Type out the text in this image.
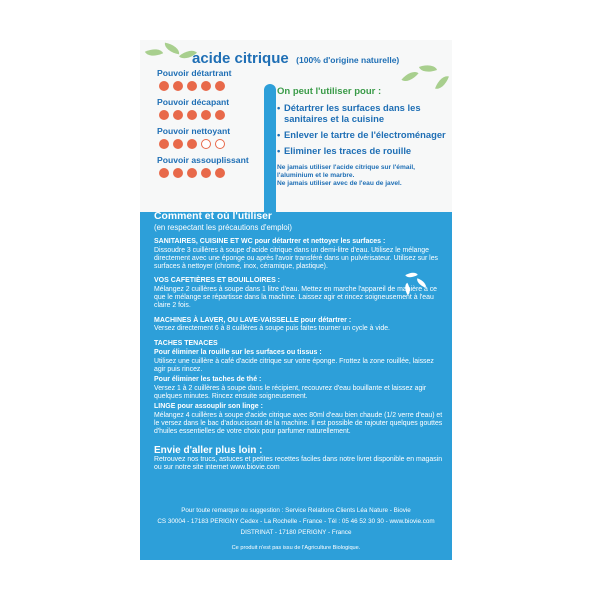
acide citrique (100% d'origine naturelle)
Pouvoir détartrant
Pouvoir décapant
Pouvoir nettoyant
Pouvoir assouplissant
On peut l'utiliser pour :
• Détartrer les surfaces dans les sanitaires et la cuisine
• Enlever le tartre de l'électroménager
• Eliminer les traces de rouille
Ne jamais utiliser l'acide citrique sur l'émail, l'aluminium et le marbre.
Ne jamais utiliser avec de l'eau de javel.
Comment et où l'utiliser
(en respectant les précautions d'emploi)
SANITAIRES, CUISINE ET WC pour détartrer et nettoyer les surfaces :
Dissoudre 3 cuillères à soupe d'acide citrique dans un demi-litre d'eau. Utilisez le mélange directement avec une éponge ou après l'avoir transféré dans un pulvérisateur. Utilisez sur les surfaces à nettoyer (chrome, inox, céramique, plastique).
VOS CAFETIÈRES ET BOUILLOIRES :
Mélangez 2 cuillères à soupe dans 1 litre d'eau. Mettez en marche l'appareil de manière à ce que le mélange se répartisse dans la machine. Laissez agir et rincez soigneusement à l'eau claire 2 fois.
MACHINES À LAVER, OU LAVE-VAISSELLE pour détartrer :
Versez directement 6 à 8 cuillères à soupe puis faites tourner un cycle à vide.
TACHES TENACES
Pour éliminer la rouille sur les surfaces ou tissus :
Utilisez une cuillère à café d'acide citrique sur votre éponge. Frottez la zone rouillée, laissez agir puis rincez.
Pour éliminer les taches de thé :
Versez 1 à 2 cuillères à soupe dans le récipient, recouvrez d'eau bouillante et laissez agir quelques minutes. Rincez ensuite soigneusement.
LINGE pour assouplir son linge :
Mélangez 4 cuillères à soupe d'acide citrique avec 80ml d'eau bien chaude (1/2 verre d'eau) et le versez dans le bac d'adoucissant de la machine. Il est possible de rajouter quelques gouttes d'huiles essentielles de votre choix pour parfumer naturellement.
Envie d'aller plus loin :
Retrouvez nos trucs, astuces et petites recettes faciles dans notre livret disponible en magasin ou sur notre site internet www.biovie.com
Pour toute remarque ou suggestion : Service Relations Clients Léa Nature - Biovie
CS 30004 - 17183 PERIGNY Cedex - La Rochelle - France - Tél : 05 46 52 30 30 - www.biovie.com
DISTRINAT - 17180 PERIGNY - France
Ce produit n'est pas issu de l'Agriculture Biologique.
